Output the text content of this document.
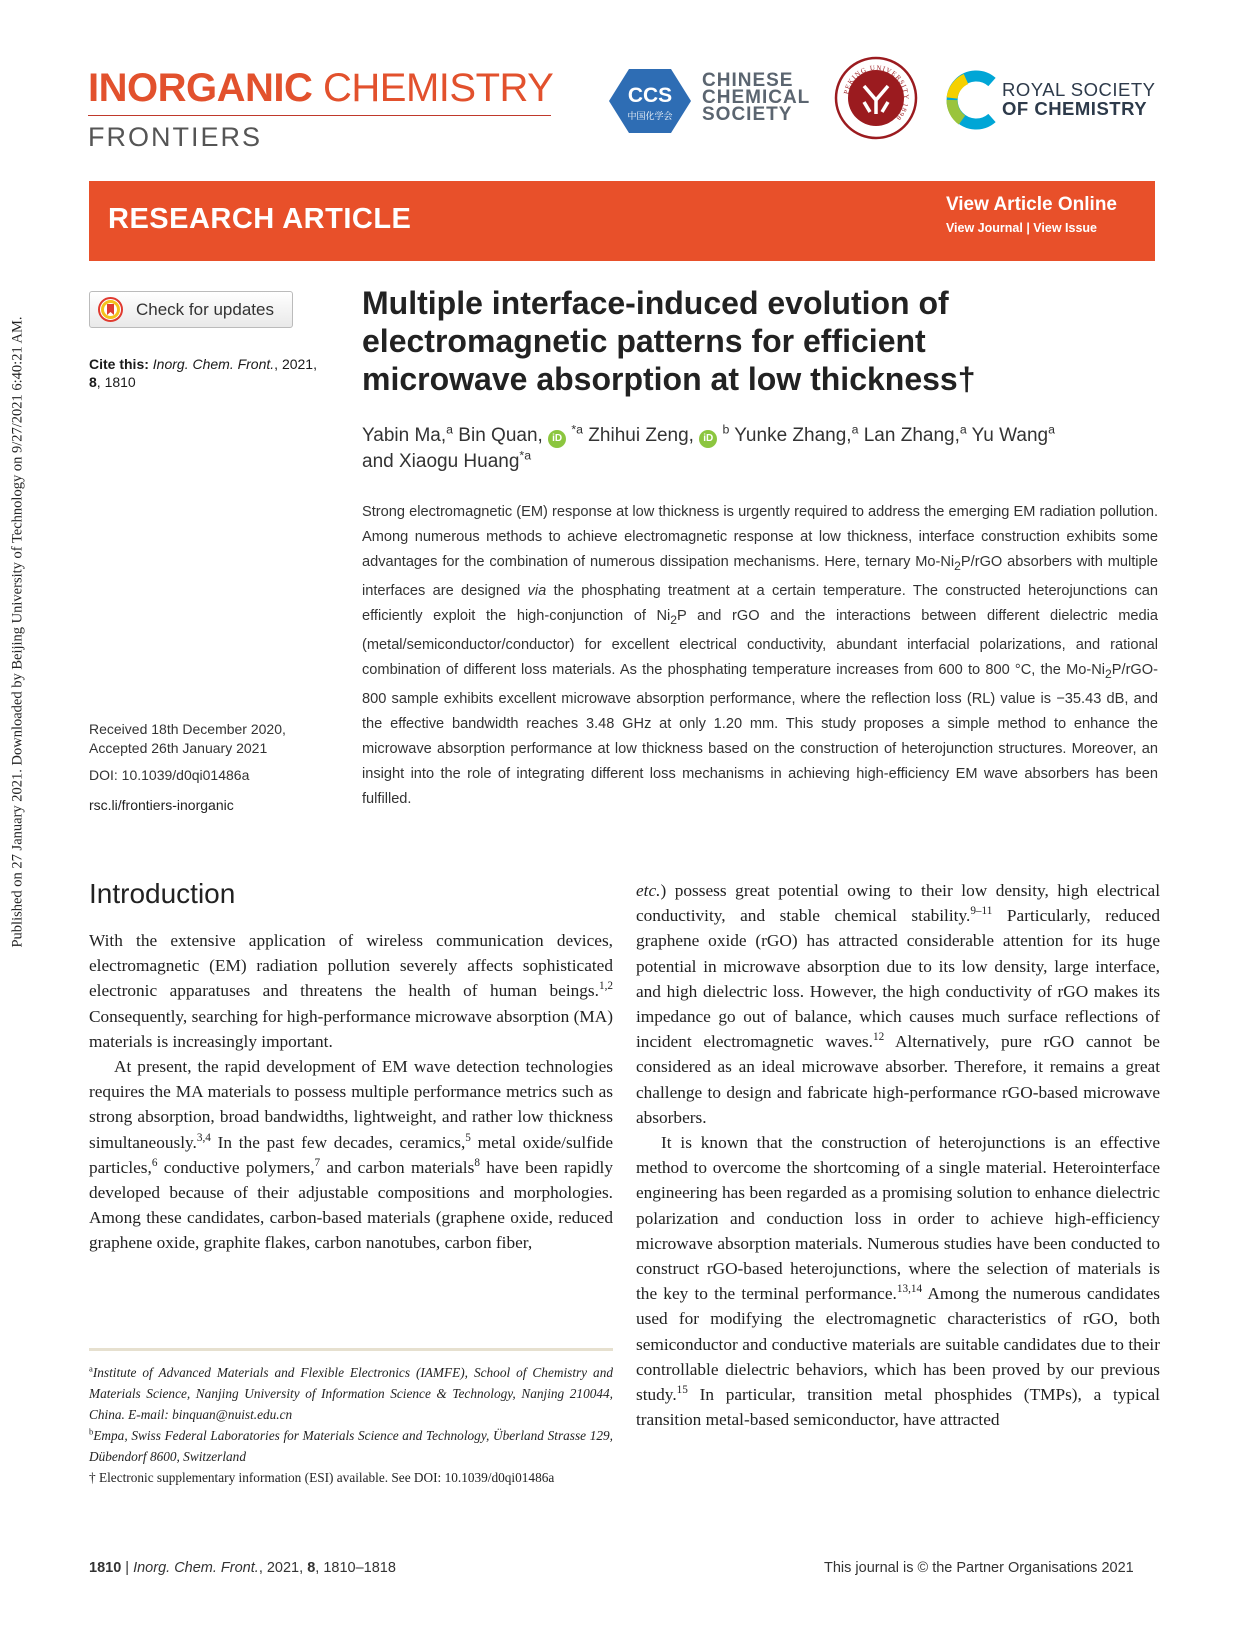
Published on 27 January 2021. Downloaded by Beijing University of Technology on 9/27/2021 6:40:21 AM.
INORGANIC CHEMISTRY
FRONTIERS
CCS
中国化学会
CHINESE
CHEMICAL
SOCIETY
PEKING UNIVERSITY 1898
ROYAL SOCIETY
OF CHEMISTRY
RESEARCH ARTICLE	View Article Online
View Journal | View Issue
Check for updates
Cite this: Inorg. Chem. Front., 2021,
8, 1810
Received 18th December 2020,
Accepted 26th January 2021
DOI: 10.1039/d0qi01486a
rsc.li/frontiers-inorganic
Multiple interface-induced evolution of electromagnetic patterns for efficient microwave absorption at low thickness†
Yabin Ma,$^a$ Bin Quan, iD $^{*a}$ Zhihui Zeng, iD $^b$ Yunke Zhang,$^a$ Lan Zhang,$^a$ Yu Wang$^a$
and Xiaogu Huang$^{*a}$
Strong electromagnetic (EM) response at low thickness is urgently required to address the emerging EM radiation pollution. Among numerous methods to achieve electromagnetic response at low thickness, interface construction exhibits some advantages for the combination of numerous dissipation mechanisms. Here, ternary $Mo-Ni_2P$/rGO absorbers with multiple interfaces are designed via the phosphating treatment at a certain temperature. The constructed heterojunctions can efficiently exploit the high-conjunction of $Ni_2P$ and rGO and the interactions between different dielectric media (metal/semiconductor/conductor) for excellent electrical conductivity, abundant interfacial polarizations, and rational combination of different loss materials. As the phosphating temperature increases from 600 to 800 °C, the $Mo-Ni_2P/rGO-800$ sample exhibits excellent microwave absorption performance, where the reflection loss (RL) value is −35.43 dB, and the effective bandwidth reaches 3.48 GHz at only 1.20 mm. This study proposes a simple method to enhance the microwave absorption performance at low thickness based on the construction of heterojunction structures. Moreover, an insight into the role of integrating different loss mechanisms in achieving high-efficiency EM wave absorbers has been fulfilled.
Introduction

With the extensive application of wireless communication devices, electromagnetic (EM) radiation pollution severely affects sophisticated electronic apparatuses and threatens the health of human beings.$^{1,2}$ Consequently, searching for high-performance microwave absorption (MA) materials is increasingly important.

At present, the rapid development of EM wave detection technologies requires the MA materials to possess multiple performance metrics such as strong absorption, broad bandwidths, lightweight, and rather low thickness simultaneously.$^{3,4}$ In the past few decades, ceramics,$^5$ metal oxide/sulfide particles,$^6$ conductive polymers,$^7$ and carbon materials$^8$ have been rapidly developed because of their adjustable compositions and morphologies. Among these candidates, carbon-based materials (graphene oxide, reduced graphene oxide, graphite flakes, carbon nanotubes, carbon fiber,

etc.) possess great potential owing to their low density, high electrical conductivity, and stable chemical stability.$^{9-11}$ Particularly, reduced graphene oxide (rGO) has attracted considerable attention for its huge potential in microwave absorption due to its low density, large interface, and high dielectric loss. However, the high conductivity of rGO makes its impedance go out of balance, which causes much surface reflections of incident electromagnetic waves.$^{12}$ Alternatively, pure rGO cannot be considered as an ideal microwave absorber. Therefore, it remains a great challenge to design and fabricate high-performance rGO-based microwave absorbers.

It is known that the construction of heterojunctions is an effective method to overcome the shortcoming of a single material. Heterointerface engineering has been regarded as a promising solution to enhance dielectric polarization and conduction loss in order to achieve high-efficiency microwave absorption materials. Numerous studies have been conducted to construct rGO-based heterojunctions, where the selection of materials is the key to the terminal performance.$^{13,14}$ Among the numerous candidates used for modifying the electromagnetic characteristics of rGO, both semiconductor and conductive materials are suitable candidates due to their controllable dielectric behaviors, which has been proved by our previous study.$^{15}$ In particular, transition metal phosphides (TMPs), a typical transition metal-based semiconductor, have attracted

$^a$Institute of Advanced Materials and Flexible Electronics (IAMFE), School of Chemistry and Materials Science, Nanjing University of Information Science & Technology, Nanjing 210044, China. E-mail: binquan@nuist.edu.cn

$^b$Empa, Swiss Federal Laboratories for Materials Science and Technology, Überland Strasse 129, Dübendorf 8600, Switzerland

† Electronic supplementary information (ESI) available. See DOI: 10.1039/d0qi01486a

1810 | Inorg. Chem. Front., 2021, 8, 1810–1818	This journal is © the Partner Organisations 2021
